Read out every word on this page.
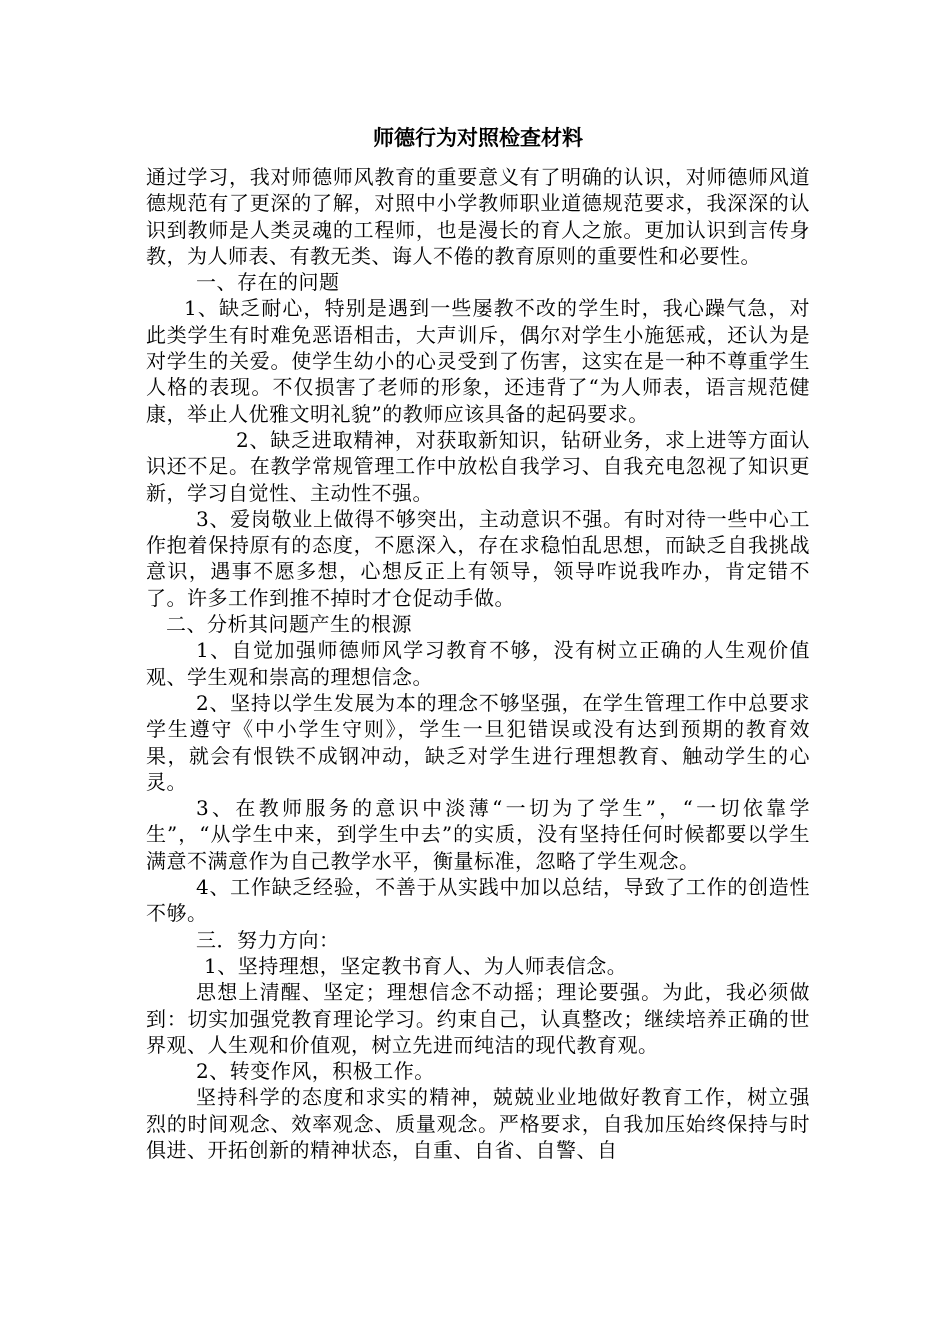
师德行为对照检查材料

通过学习，我对师德师风教育的重要意义有了明确的认识，对师德师风道德规范有了更深的了解，对照中小学教师职业道德规范要求，我深深的认识到教师是人类灵魂的工程师，也是漫长的育人之旅。更加认识到言传身教，为人师表、有教无类、诲人不倦的教育原则的重要性和必要性。

一、存在的问题

1、缺乏耐心，特别是遇到一些屡教不改的学生时，我心躁气急，对此类学生有时难免恶语相击，大声训斥，偶尔对学生小施惩戒，还认为是对学生的关爱。使学生幼小的心灵受到了伤害，这实在是一种不尊重学生人格的表现。不仅损害了老师的形象，还违背了“为人师表，语言规范健康，举止人优雅文明礼貌”的教师应该具备的起码要求。

2、缺乏进取精神，对获取新知识，钻研业务，求上进等方面认识还不足。在教学常规管理工作中放松自我学习、自我充电忽视了知识更新，学习自觉性、主动性不强。

3、爱岗敬业上做得不够突出，主动意识不强。有时对待一些中心工作抱着保持原有的态度，不愿深入，存在求稳怕乱思想，而缺乏自我挑战意识，遇事不愿多想，心想反正上有领导，领导咋说我咋办，肯定错不了。许多工作到推不掉时才仓促动手做。

二、分析其问题产生的根源

1、自觉加强师德师风学习教育不够，没有树立正确的人生观价值观、学生观和崇高的理想信念。

2、坚持以学生发展为本的理念不够坚强，在学生管理工作中总要求学生遵守《中小学生守则》，学生一旦犯错误或没有达到预期的教育效果，就会有恨铁不成钢冲动，缺乏对学生进行理想教育、触动学生的心灵。

3、在教师服务的意识中淡薄“一切为了学生”，“一切依靠学生”，“从学生中来，到学生中去”的实质，没有坚持任何时候都要以学生满意不满意作为自己教学水平，衡量标准，忽略了学生观念。

4、工作缺乏经验，不善于从实践中加以总结，导致了工作的创造性不够。

三．努力方向：

1、坚持理想，坚定教书育人、为人师表信念。

思想上清醒、坚定；理想信念不动摇；理论要强。为此，我必须做到：切实加强党教育理论学习。约束自己，认真整改；继续培养正确的世界观、人生观和价值观，树立先进而纯洁的现代教育观。

2、转变作风，积极工作。

坚持科学的态度和求实的精神，兢兢业业地做好教育工作，树立强烈的时间观念、效率观念、质量观念。严格要求，自我加压始终保持与时俱进、开拓创新的精神状态，自重、自省、自警、自
